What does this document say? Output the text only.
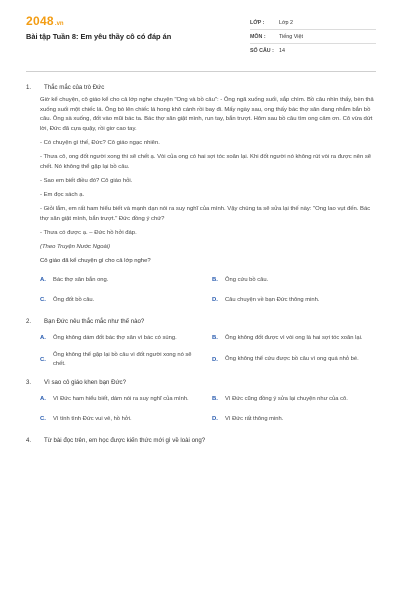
2048 .vn
Bài tập Tuần 8: Em yêu thầy cô có đáp án
LỚP :	Lớp 2
MÔN :	Tiếng Việt
SỐ CÂU : 14
1.	Thắc mắc của trò Đức

Giờ kể chuyện, cô giáo kể cho cả lớp nghe chuyện "Ong và bồ câu": - Ông ngã xuống suối, sắp chìm. Bồ câu nhìn thấy, bèn thả xuống suối một chiếc lá. Ông bò lên chiếc lá hong khô cánh rồi bay đi. Mấy ngày sau, ong thấy bác thợ săn đang nhắm bắn bồ câu. Ông sà xuống, đốt vào mũi bác ta. Bác thợ săn giật mình, run tay, bắn trượt. Hôm sau bồ câu tìm ong cảm ơn. Cô vừa dứt lời, Đức đã cựa quậy, rồi giơ cao tay.

- Có chuyện gì thế, Đức? Cô giáo ngạc nhiên.

- Thưa cô, ong đốt người xong thì sẽ chết ạ. Vòi của ong có hai sợi tóc xoăn lại. Khi đốt người nó không rút vòi ra được nên sẽ chết. Nó không thể gặp lại bồ câu.

- Sao em biết điều đó? Cô giáo hỏi.

- Em đọc sách ạ.

- Giỏi lắm, em rất ham hiểu biết và mạnh dạn nói ra suy nghĩ của mình. Vậy chúng ta sẽ sửa lại thế này: "Ong lao vụt đến. Bác thợ săn giật mình, bắn trượt." Đức đồng ý chứ?

- Thưa có được ạ. – Đức hồ hởi đáp.

(Theo Truyện Nước Ngoài)

Cô giáo đã kể chuyện gì cho cả lớp nghe?

A.	Bác thợ săn bắn ong.	B.	Ông cứu bồ câu.
C.	Ông đốt bồ câu.	D.	Câu chuyện về bạn Đức thông minh.
2.	Bạn Đức nêu thắc mắc như thế nào?
A.	Ông không dám đốt bác thợ săn vì bác có súng.	B.	Ông không đốt được vì vòi ong là hai sợi tóc xoăn lại.
C.
Ông không thể gặp lại bồ câu vì đốt người xong nó sẽ chết.
D.	Ông không thể cứu được bồ câu vì ong quá nhỏ bé.
3.	Vì sao cô giáo khen bạn Đức?
A.	Vì Đức ham hiểu biết, dám nói ra suy nghĩ của mình.	B.	Vì Đức cũng đồng ý sửa lại chuyện như của cô.
C.	Vì tính tình Đức vui vẻ, hồ hởi.	D.	Vì Đức rất thông minh.
4.	Từ bài đọc trên, em học được kiến thức mới gì về loài ong?
